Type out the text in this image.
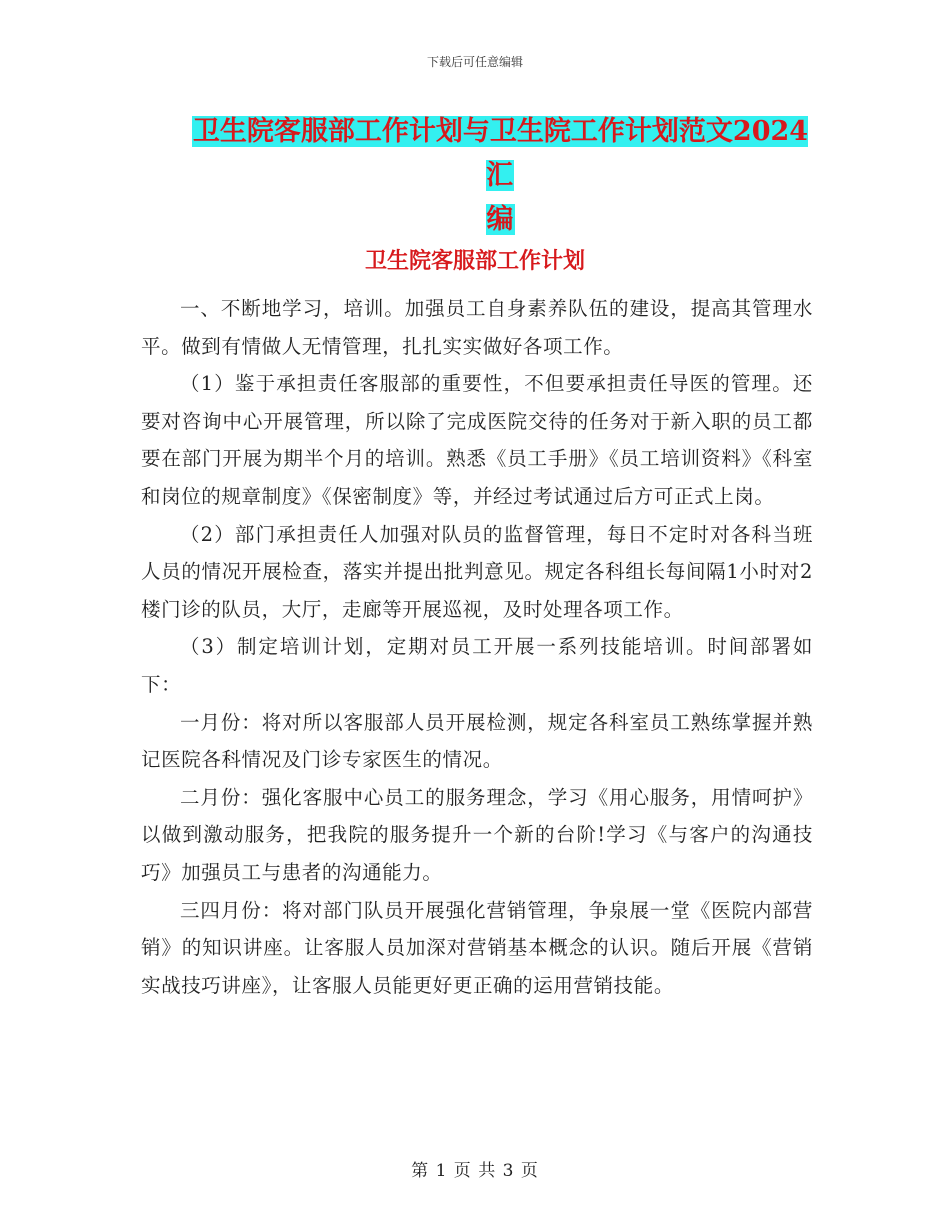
下载后可任意编辑
卫生院客服部工作计划与卫生院工作计划范文2024汇
编
卫生院客服部工作计划

一、不断地学习，培训。加强员工自身素养队伍的建设，提高其管理水平。做到有情做人无情管理，扎扎实实做好各项工作。

（1）鉴于承担责任客服部的重要性，不但要承担责任导医的管理。还要对咨询中心开展管理，所以除了完成医院交待的任务对于新入职的员工都要在部门开展为期半个月的培训。熟悉《员工手册》《员工培训资料》《科室和岗位的规章制度》《保密制度》等，并经过考试通过后方可正式上岗。

（2）部门承担责任人加强对队员的监督管理，每日不定时对各科当班人员的情况开展检查，落实并提出批判意见。规定各科组长每间隔1小时对2楼门诊的队员，大厅，走廊等开展巡视，及时处理各项工作。

（3）制定培训计划，定期对员工开展一系列技能培训。时间部署如下：

一月份：将对所以客服部人员开展检测，规定各科室员工熟练掌握并熟记医院各科情况及门诊专家医生的情况。

二月份：强化客服中心员工的服务理念，学习《用心服务，用情呵护》以做到激动服务，把我院的服务提升一个新的台阶!学习《与客户的沟通技巧》加强员工与患者的沟通能力。

三四月份：将对部门队员开展强化营销管理，争泉展一堂《医院内部营销》的知识讲座。让客服人员加深对营销基本概念的认识。随后开展《营销实战技巧讲座》，让客服人员能更好更正确的运用营销技能。

第 1 页 共 3 页
